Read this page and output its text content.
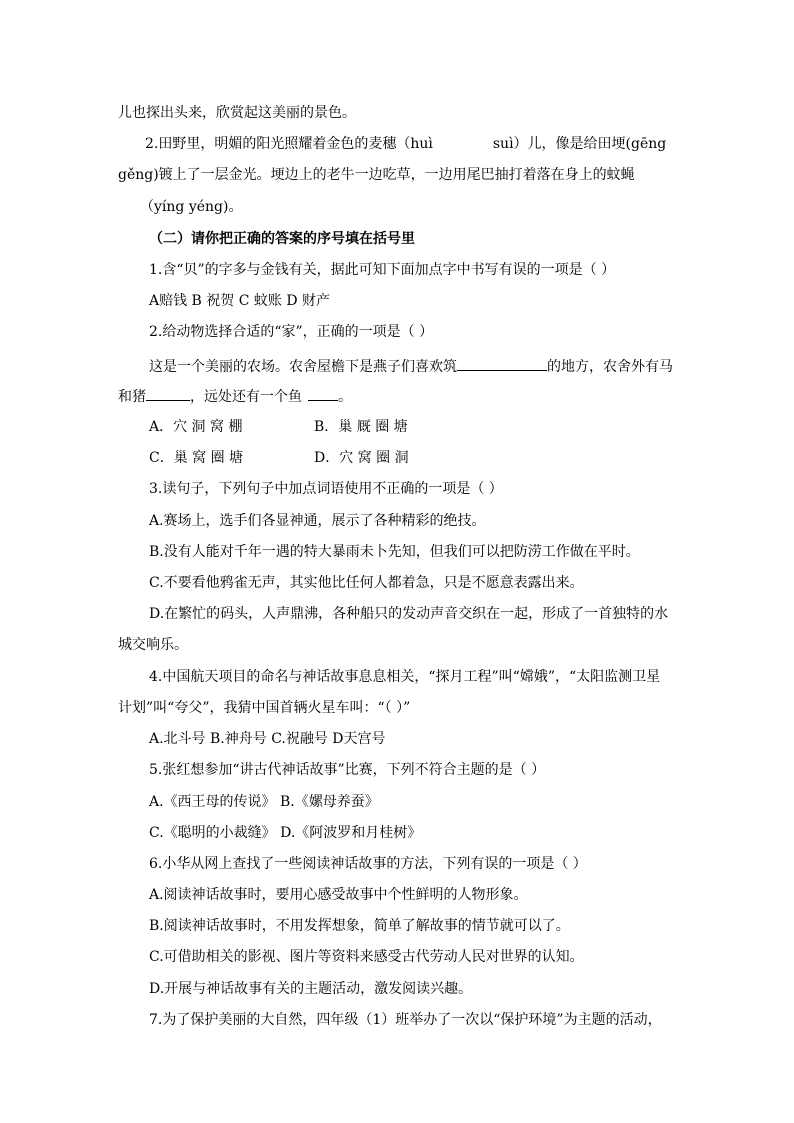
儿也探出头来，欣赏起这美丽的景色。
2.田野里，明媚的阳光照耀着金色的麦穗（huì	suì）儿，像是给田埂(gēng
gěng)镀上了一层金光。埂边上的老牛一边吃草，一边用尾巴抽打着落在身上的蚊蝇
（yíng yéng)。
（二）请你把正确的答案的序号填在括号里
1.含“贝”的字多与金钱有关，据此可知下面加点字中书写有误的一项是（ ）
A赔钱 B 祝贺 C 蚊账 D 财产
2.给动物选择合适的“家”，正确的一项是（ ）
这是一个美丽的农场。农舍屋檐下是燕子们喜欢筑	的地方，农舍外有马
和猪	，远处还有一个鱼	。
A．穴 洞 窝 棚	B．巢 厩 圈 塘
C．巢 窝 圈 塘	D．穴 窝 圈 洞
3.读句子，下列句子中加点词语使用不正确的一项是（ ）
A.赛场上，选手们各显神通，展示了各种精彩的绝技。
B.没有人能对千年一遇的特大暴雨未卜先知，但我们可以把防涝工作做在平时。
C.不要看他鸦雀无声，其实他比任何人都着急，只是不愿意表露出来。
D.在繁忙的码头，人声鼎沸，各种船只的发动声音交织在一起，形成了一首独特的水
城交响乐。
4.中国航天项目的命名与神话故事息息相关，“探月工程”叫“嫦娥”，“太阳监测卫星
计划”叫“夸父”，我猜中国首辆火星车叫：“（ ）”
A.北斗号 B.神舟号 C.祝融号 D天宫号
5.张红想参加“讲古代神话故事”比赛，下列不符合主题的是（ ）
A.《西王母的传说》 B.《嫘母养蚕》
C.《聪明的小裁缝》 D.《阿波罗和月桂树》
6.小华从网上查找了一些阅读神话故事的方法，下列有误的一项是（ ）
A.阅读神话故事时，要用心感受故事中个性鲜明的人物形象。
B.阅读神话故事时，不用发挥想象，简单了解故事的情节就可以了。
C.可借助相关的影视、图片等资料来感受古代劳动人民对世界的认知。
D.开展与神话故事有关的主题活动，激发阅读兴趣。
7.为了保护美丽的大自然，四年级（1）班举办了一次以“保护环境”为主题的活动，
